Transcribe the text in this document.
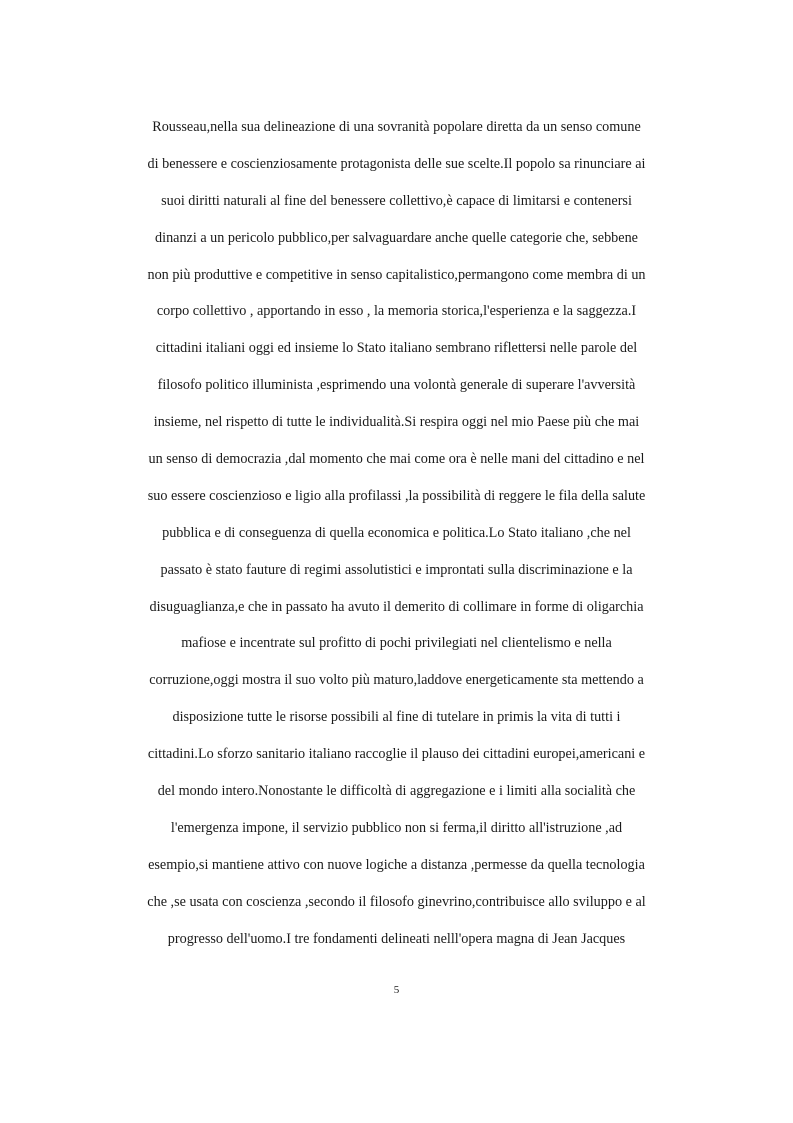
Rousseau,nella sua delineazione di una sovranità popolare diretta da un senso comune
di benessere e coscienziosamente protagonista delle sue scelte.Il popolo sa rinunciare ai
suoi diritti naturali al fine del benessere collettivo,è capace di limitarsi e contenersi
dinanzi a un pericolo pubblico,per salvaguardare anche quelle categorie che, sebbene
non più produttive e competitive in senso capitalistico,permangono come membra di un
corpo collettivo , apportando in esso , la memoria storica,l'esperienza e la saggezza.I
cittadini italiani oggi ed insieme lo Stato italiano sembrano riflettersi nelle parole del
filosofo politico illuminista ,esprimendo una volontà generale di superare l'avversità
insieme, nel rispetto di tutte le individualità.Si respira oggi nel mio Paese più che mai
un senso di democrazia ,dal momento che mai come ora è nelle mani del cittadino e nel
suo essere coscienzioso e ligio alla profilassi ,la possibilità di reggere le fila della salute
pubblica e di conseguenza di quella economica e politica.Lo Stato italiano ,che nel
passato è stato fauture di regimi assolutistici e improntati sulla discriminazione e la
disuguaglianza,e che in passato ha avuto il demerito di collimare in forme di oligarchia
mafiose e incentrate sul profitto di pochi privilegiati nel clientelismo e nella
corruzione,oggi mostra il suo volto più maturo,laddove energeticamente sta mettendo a
disposizione tutte le risorse possibili al fine di tutelare in primis la vita di tutti i
cittadini.Lo sforzo sanitario italiano raccoglie il plauso dei cittadini europei,americani e
del mondo intero.Nonostante le difficoltà di aggregazione e i limiti alla socialità che
l'emergenza impone, il servizio pubblico non si ferma,il diritto all'istruzione ,ad
esempio,si mantiene attivo con nuove logiche a distanza ,permesse da quella tecnologia
che ,se usata con coscienza ,secondo il filosofo ginevrino,contribuisce allo sviluppo e al
progresso dell'uomo.I tre fondamenti delineati nelll'opera magna di Jean Jacques
5
